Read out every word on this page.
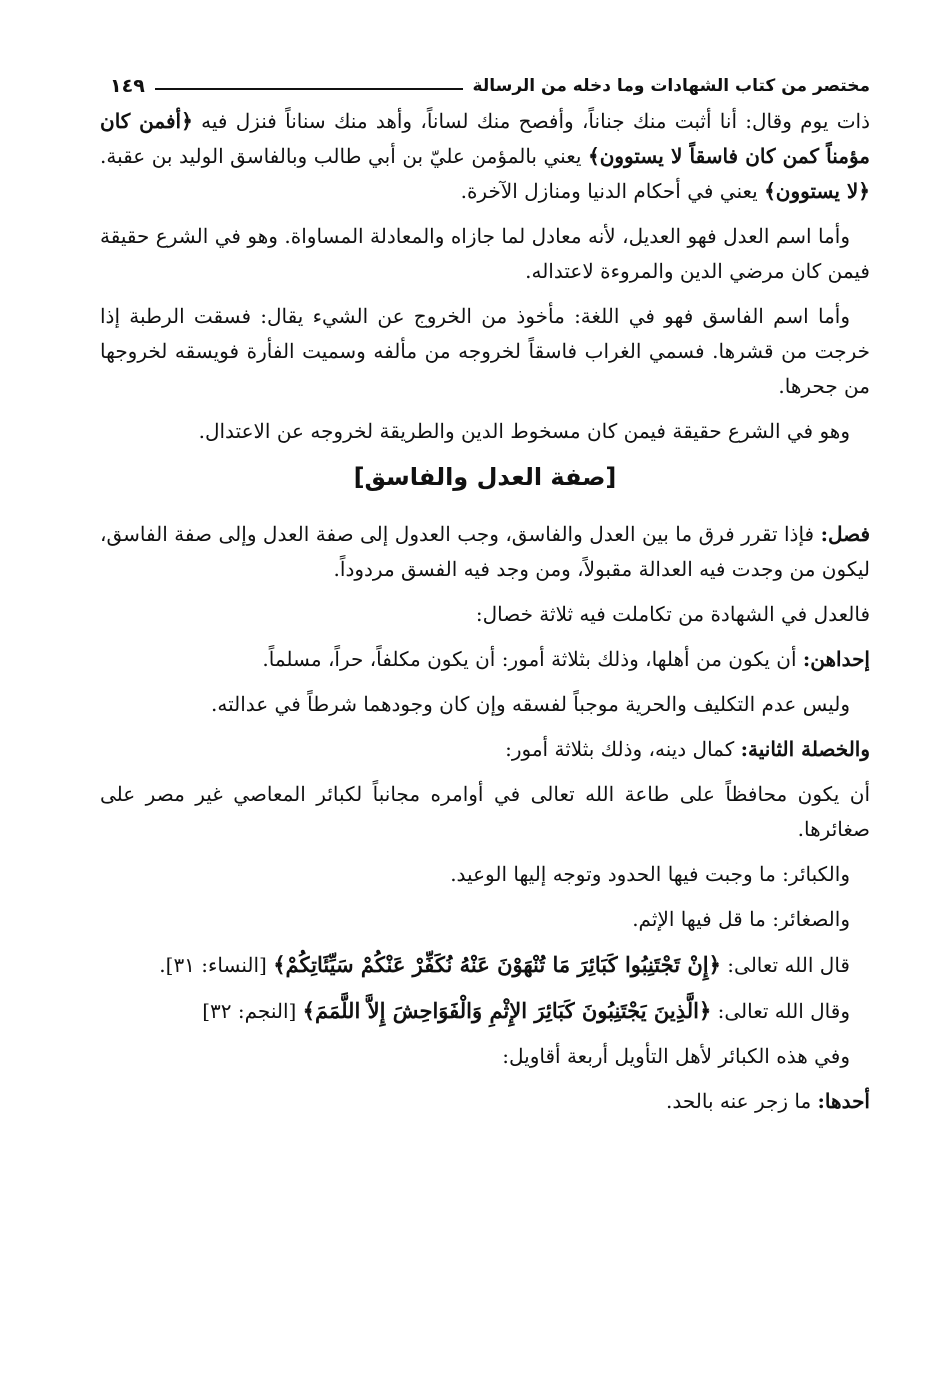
مختصر من كتاب الشهادات وما دخله من الرسالة
١٤٩

ذات يوم وقال: أنا أثبت منك جناناً، وأفصح منك لساناً، وأهد منك سناناً فنزل فيه ﴿أفمن كان مؤمناً كمن كان فاسقاً لا يستوون﴾ يعني بالمؤمن عليّ بن أبي طالب وبالفاسق الوليد بن عقبة. ﴿لا يستوون﴾ يعني في أحكام الدنيا ومنازل الآخرة.

وأما اسم العدل فهو العديل، لأنه معادل لما جازاه والمعادلة المساواة. وهو في الشرع حقيقة فيمن كان مرضي الدين والمروءة لاعتداله.

وأما اسم الفاسق فهو في اللغة: مأخوذ من الخروج عن الشيء يقال: فسقت الرطبة إذا خرجت من قشرها. فسمي الغراب فاسقاً لخروجه من مألفه وسميت الفأرة فويسقه لخروجها من جحرها.

وهو في الشرع حقيقة فيمن كان مسخوط الدين والطريقة لخروجه عن الاعتدال.

[صفة العدل والفاسق]

فصل: فإذا تقرر فرق ما بين العدل والفاسق، وجب العدول إلى صفة العدل وإلى صفة الفاسق، ليكون من وجدت فيه العدالة مقبولاً، ومن وجد فيه الفسق مردوداً.

فالعدل في الشهادة من تكاملت فيه ثلاثة خصال:

إحداهن: أن يكون من أهلها، وذلك بثلاثة أمور: أن يكون مكلفاً، حراً، مسلماً.

وليس عدم التكليف والحرية موجباً لفسقه وإن كان وجودهما شرطاً في عدالته.

والخصلة الثانية: كمال دينه، وذلك بثلاثة أمور:

أن يكون محافظاً على طاعة الله تعالى في أوامره مجانباً لكبائر المعاصي غير مصر على صغائرها.

والكبائر: ما وجبت فيها الحدود وتوجه إليها الوعيد.

والصغائر: ما قل فيها الإثم.

قال الله تعالى: ﴿إِنْ تَجْتَنِبُوا كَبَائِرَ مَا تُنْهَوْنَ عَنْهُ نُكَفِّرْ عَنْكُمْ سَيِّئَاتِكُمْ﴾ [النساء: ٣١].

وقال الله تعالى: ﴿الَّذِينَ يَجْتَنِبُونَ كَبَائِرَ الإِثْمِ وَالْفَوَاحِشَ إِلاَّ اللَّمَمَ﴾ [النجم: ٣٢]

وفي هذه الكبائر لأهل التأويل أربعة أقاويل:

أحدها: ما زجر عنه بالحد.
